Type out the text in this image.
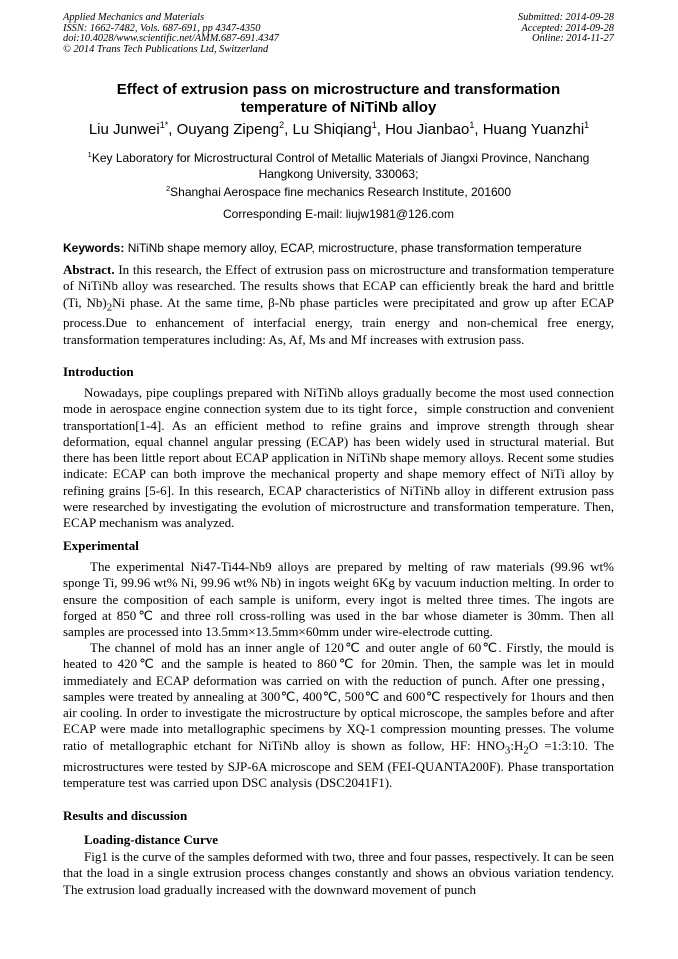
Applied Mechanics and Materials
ISSN: 1662-7482, Vols. 687-691, pp 4347-4350
doi:10.4028/www.scientific.net/AMM.687-691.4347
© 2014 Trans Tech Publications Ltd, Switzerland
Submitted: 2014-09-28
Accepted: 2014-09-28
Online: 2014-11-27
Effect of extrusion pass on microstructure and transformation
temperature of NiTiNb alloy
Liu Junwei$^{1*}$, Ouyang Zipeng$^2$, Lu Shiqiang$^1$, Hou Jianbao$^1$, Huang Yuanzhi$^1$
$^1$Key Laboratory for Microstructural Control of Metallic Materials of Jiangxi Province, Nanchang
Hangkong University, 330063;
$^2$Shanghai Aerospace fine mechanics Research Institute, 201600
Corresponding E-mail: liujw1981@126.com
Keywords: NiTiNb shape memory alloy, ECAP, microstructure, phase transformation temperature
Abstract. In this research, the Effect of extrusion pass on microstructure and transformation temperature of NiTiNb alloy was researched. The results shows that ECAP can efficiently break the hard and brittle (Ti, $Nb)_2Ni$ phase. At the same time, β-Nb phase particles were precipitated and grow up after ECAP process.Due to enhancement of interfacial energy, train energy and non-chemical free energy, transformation temperatures including: As, Af, Ms and Mf increases with extrusion pass.
Introduction
Nowadays, pipe couplings prepared with NiTiNb alloys gradually become the most used connection mode in aerospace engine connection system due to its tight force，simple construction and convenient transportation[1-4]. As an efficient method to refine grains and improve strength through shear deformation, equal channel angular pressing (ECAP) has been widely used in structural material. But there has been little report about ECAP application in NiTiNb shape memory alloys. Recent some studies indicate: ECAP can both improve the mechanical property and shape memory effect of NiTi alloy by refining grains [5-6]. In this research, ECAP characteristics of NiTiNb alloy in different extrusion pass were researched by investigating the evolution of microstructure and transformation temperature. Then, ECAP mechanism was analyzed.
Experimental
The experimental Ni47-Ti44-Nb9 alloys are prepared by melting of raw materials (99.96 wt% sponge Ti, 99.96 wt% Ni, 99.96 wt% Nb) in ingots weight 6Kg by vacuum induction melting. In order to ensure the composition of each sample is uniform, every ingot is melted three times. The ingots are forged at 850℃ and three roll cross-rolling was used in the bar whose diameter is 30mm. Then all samples are processed into 13.5mm×13.5mm×60mm under wire-electrode cutting.
The channel of mold has an inner angle of 120℃ and outer angle of 60℃. Firstly, the mould is heated to 420℃ and the sample is heated to 860℃ for 20min. Then, the sample was let in mould immediately and ECAP deformation was carried on with the reduction of punch. After one pressing，samples were treated by annealing at 300℃, 400℃, 500℃ and 600℃ respectively for 1hours and then air cooling. In order to investigate the microstructure by optical microscope, the samples before and after ECAP were made into metallographic specimens by XQ-1 compression mounting presses. The volume ratio of metallographic etchant for NiTiNb alloy is shown as follow, HF: $HNO_3:H_2O$ =1:3:10. The microstructures were tested by SJP-6A microscope and SEM (FEI-QUANTA200F). Phase transportation temperature test was carried upon DSC analysis (DSC2041F1).
Results and discussion
Loading-distance Curve
Fig1 is the curve of the samples deformed with two, three and four passes, respectively. It can be seen that the load in a single extrusion process changes constantly and shows an obvious variation tendency. The extrusion load gradually increased with the downward movement of punch
